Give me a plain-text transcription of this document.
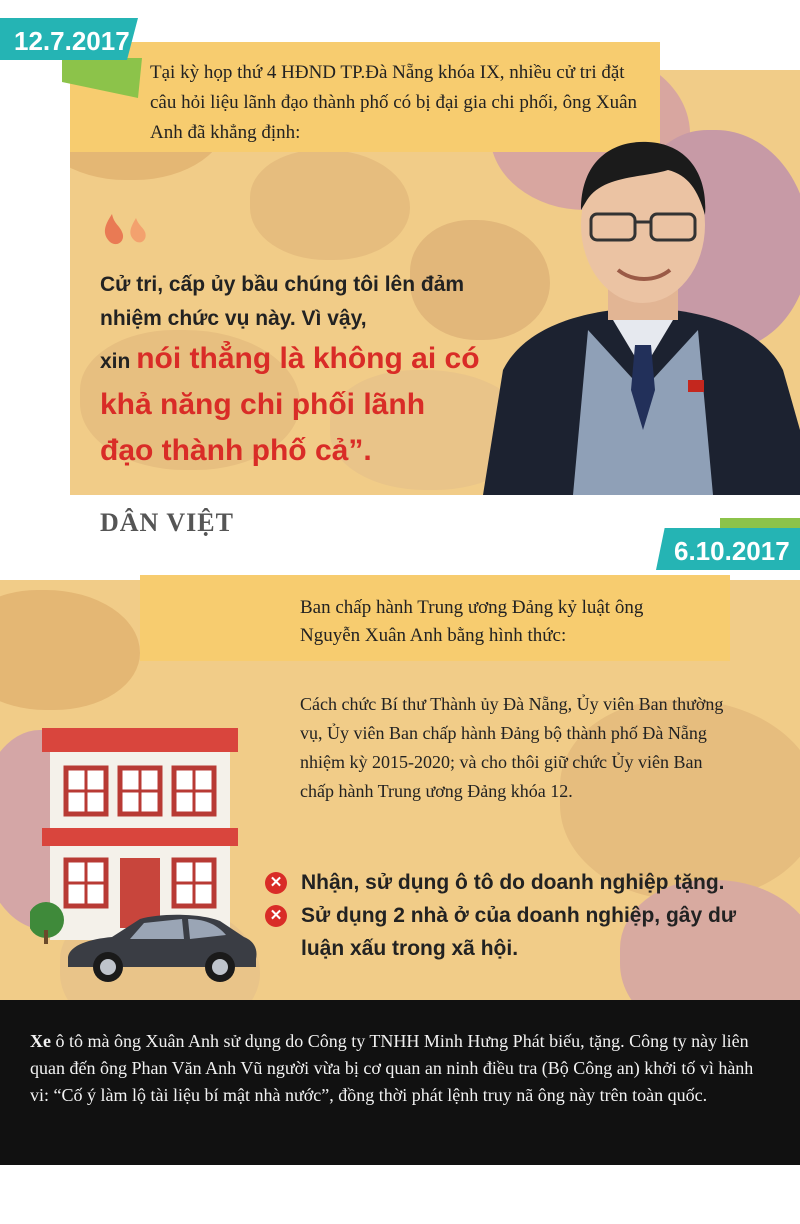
Tại kỳ họp thứ 4 HĐND TP.Đà Nẵng khóa IX, nhiều cử tri đặt câu hỏi liệu lãnh đạo thành phố có bị đại gia chi phối, ông Xuân Anh đã khẳng định:
12.7.2017
Cử tri, cấp ủy bầu chúng tôi lên đảm nhiệm chức vụ này. Vì vậy,
xin nói thẳng là không ai có khả năng chi phối lãnh đạo thành phố cả”.
DÂN VIỆT
Ban chấp hành Trung ương Đảng kỷ luật ông Nguyễn Xuân Anh bằng hình thức:
6.10.2017
Cách chức Bí thư Thành ủy Đà Nẵng, Ủy viên Ban thường vụ, Ủy viên Ban chấp hành Đảng bộ thành phố Đà Nẵng nhiệm kỳ 2015-2020; và cho thôi giữ chức Ủy viên Ban chấp hành Trung ương Đảng khóa 12.
✕ Nhận, sử dụng ô tô do doanh nghiệp tặng.
✕ Sử dụng 2 nhà ở của doanh nghiệp, gây dư luận xấu trong xã hội.
Xe ô tô mà ông Xuân Anh sử dụng do Công ty TNHH Minh Hưng Phát biếu, tặng. Công ty này liên quan đến ông Phan Văn Anh Vũ người vừa bị cơ quan an ninh điều tra (Bộ Công an) khởi tố vì hành vi: “Cố ý làm lộ tài liệu bí mật nhà nước”, đồng thời phát lệnh truy nã ông này trên toàn quốc.
